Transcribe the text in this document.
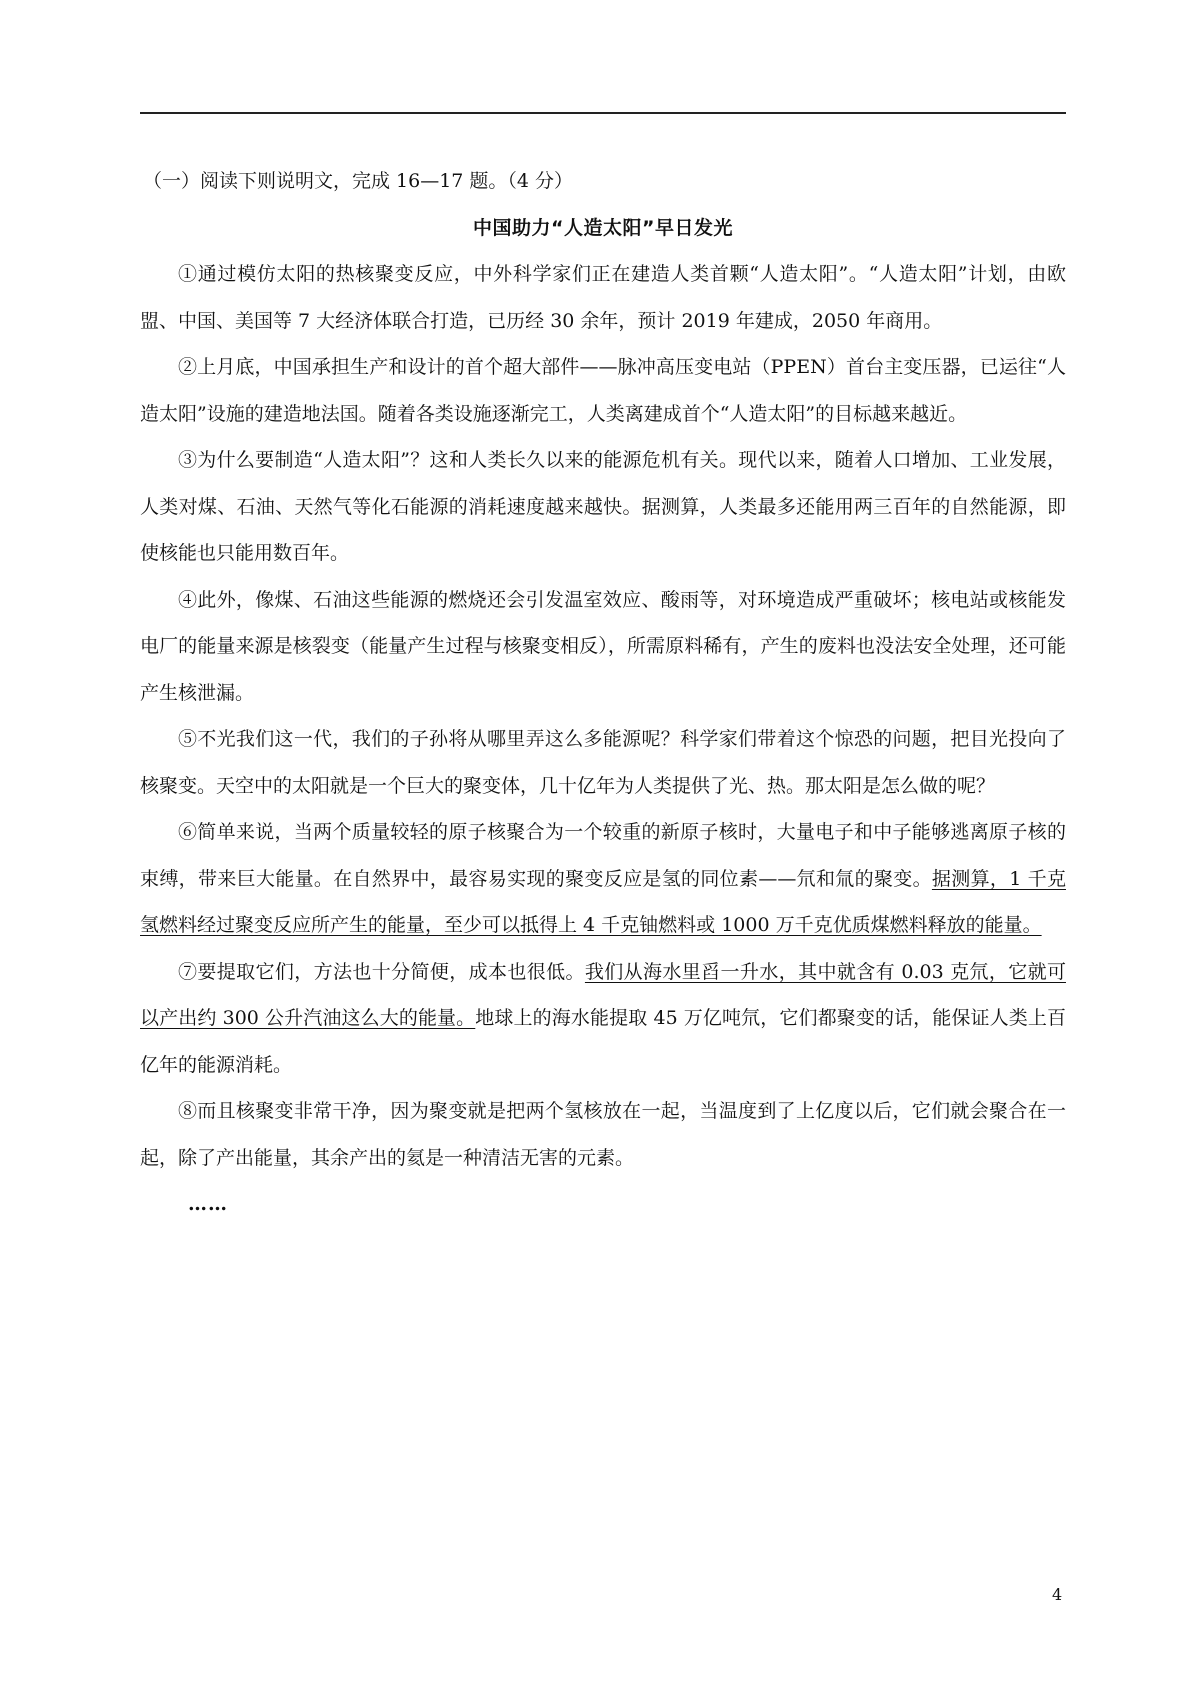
（一）阅读下则说明文，完成 16—17 题。（4 分）

中国助力“人造太阳”早日发光

①通过模仿太阳的热核聚变反应，中外科学家们正在建造人类首颗“人造太阳”。“人造太阳”计划，由欧盟、中国、美国等 7 大经济体联合打造，已历经 30 余年，预计 2019 年建成，2050 年商用。

②上月底，中国承担生产和设计的首个超大部件——脉冲高压变电站（PPEN）首台主变压器，已运往“人造太阳”设施的建造地法国。随着各类设施逐渐完工，人类离建成首个“人造太阳”的目标越来越近。

③为什么要制造“人造太阳”？这和人类长久以来的能源危机有关。现代以来，随着人口增加、工业发展，人类对煤、石油、天然气等化石能源的消耗速度越来越快。据测算，人类最多还能用两三百年的自然能源，即使核能也只能用数百年。

④此外，像煤、石油这些能源的燃烧还会引发温室效应、酸雨等，对环境造成严重破坏；核电站或核能发电厂的能量来源是核裂变（能量产生过程与核聚变相反），所需原料稀有，产生的废料也没法安全处理，还可能产生核泄漏。

⑤不光我们这一代，我们的子孙将从哪里弄这么多能源呢？科学家们带着这个惊恐的问题，把目光投向了核聚变。天空中的太阳就是一个巨大的聚变体，几十亿年为人类提供了光、热。那太阳是怎么做的呢？

⑥简单来说，当两个质量较轻的原子核聚合为一个较重的新原子核时，大量电子和中子能够逃离原子核的束缚，带来巨大能量。在自然界中，最容易实现的聚变反应是氢的同位素——氘和氚的聚变。据测算，1 千克氢燃料经过聚变反应所产生的能量，至少可以抵得上 4 千克铀燃料或 1000 万千克优质煤燃料释放的能量。

⑦要提取它们，方法也十分简便，成本也很低。我们从海水里舀一升水，其中就含有 0.03 克氘，它就可以产出约 300 公升汽油这么大的能量。地球上的海水能提取 45 万亿吨氘，它们都聚变的话，能保证人类上百亿年的能源消耗。

⑧而且核聚变非常干净，因为聚变就是把两个氢核放在一起，当温度到了上亿度以后，它们就会聚合在一起，除了产出能量，其余产出的氦是一种清洁无害的元素。

……

4
